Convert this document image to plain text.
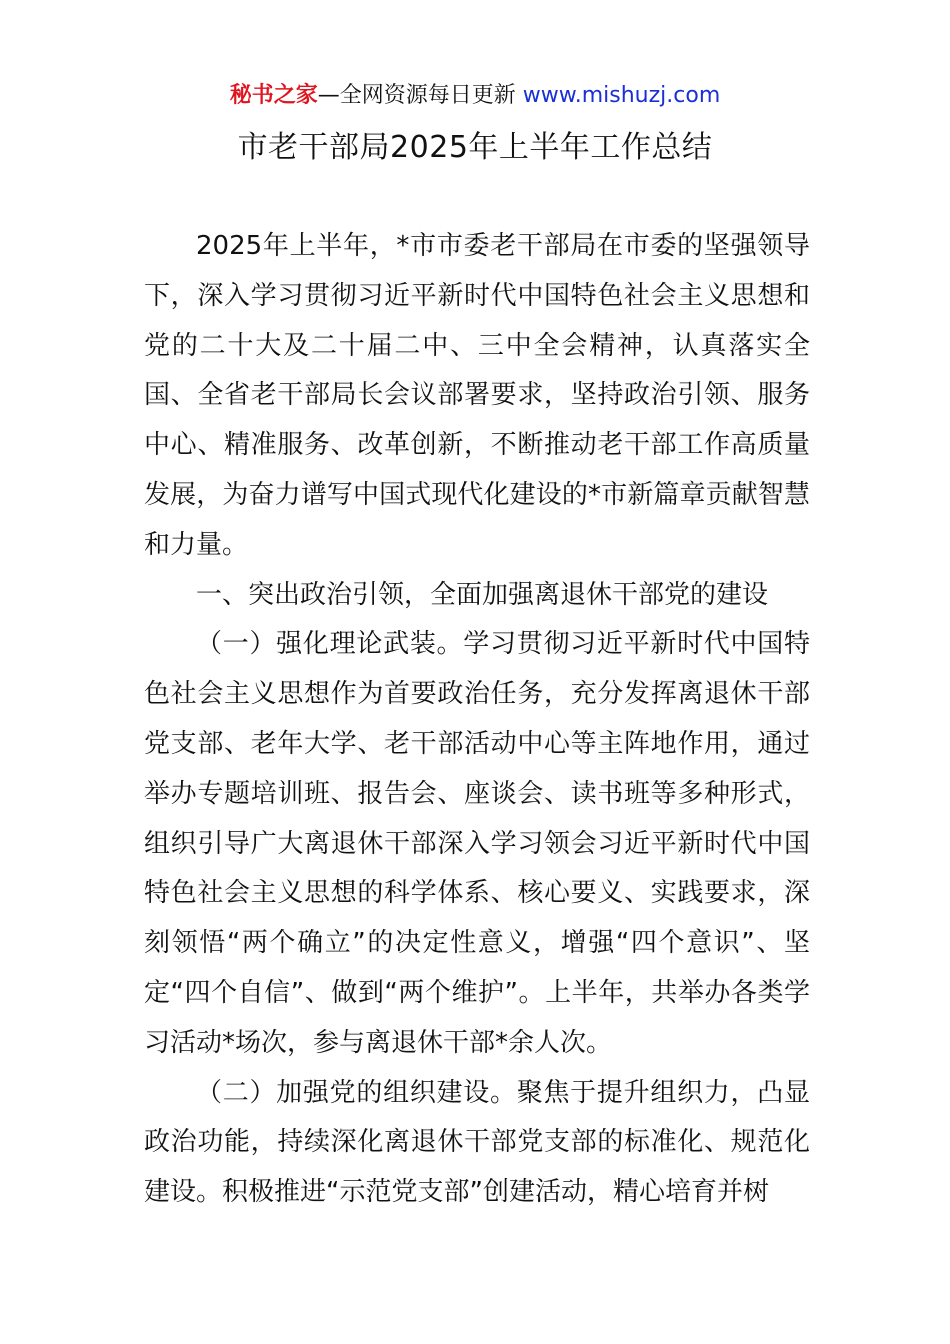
秘书之家—全网资源每日更新 www.mishuzj.com
市老干部局2025年上半年工作总结

2025年上半年，*市市委老干部局在市委的坚强领导下，深入学习贯彻习近平新时代中国特色社会主义思想和党的二十大及二十届二中、三中全会精神，认真落实全国、全省老干部局长会议部署要求，坚持政治引领、服务中心、精准服务、改革创新，不断推动老干部工作高质量发展，为奋力谱写中国式现代化建设的*市新篇章贡献智慧和力量。

一、突出政治引领，全面加强离退休干部党的建设

（一）强化理论武装。学习贯彻习近平新时代中国特色社会主义思想作为首要政治任务，充分发挥离退休干部党支部、老年大学、老干部活动中心等主阵地作用，通过举办专题培训班、报告会、座谈会、读书班等多种形式，组织引导广大离退休干部深入学习领会习近平新时代中国特色社会主义思想的科学体系、核心要义、实践要求，深刻领悟“两个确立”的决定性意义，增强“四个意识”、坚定“四个自信”、做到“两个维护”。上半年，共举办各类学习活动*场次，参与离退休干部*余人次。

（二）加强党的组织建设。聚焦于提升组织力，凸显政治功能，持续深化离退休干部党支部的标准化、规范化建设。积极推进“示范党支部”创建活动，精心培育并树
